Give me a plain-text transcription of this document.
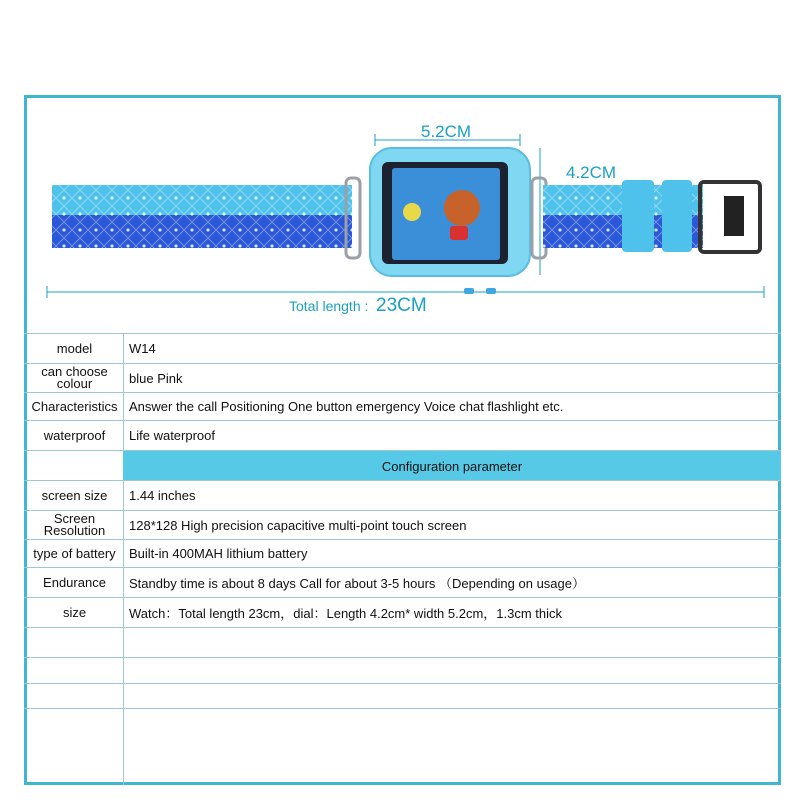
5.2CM
4.2CM
Total length : 23CM
model	W14
can choose colour	blue Pink
Characteristics Answer the call Positioning One button emergency Voice chat flashlight etc.
waterproof	Life waterproof
Configuration parameter
screen size	1.44 inches
Screen Resolution	128*128 High precision capacitive multi-point touch screen
type of battery	Built-in 400MAH lithium battery
Endurance	Standby time is about 8 days Call for about 3-5 hours （Depending on usage）
size	Watch：Total length 23cm，dial：Length 4.2cm* width 5.2cm，1.3cm thick
